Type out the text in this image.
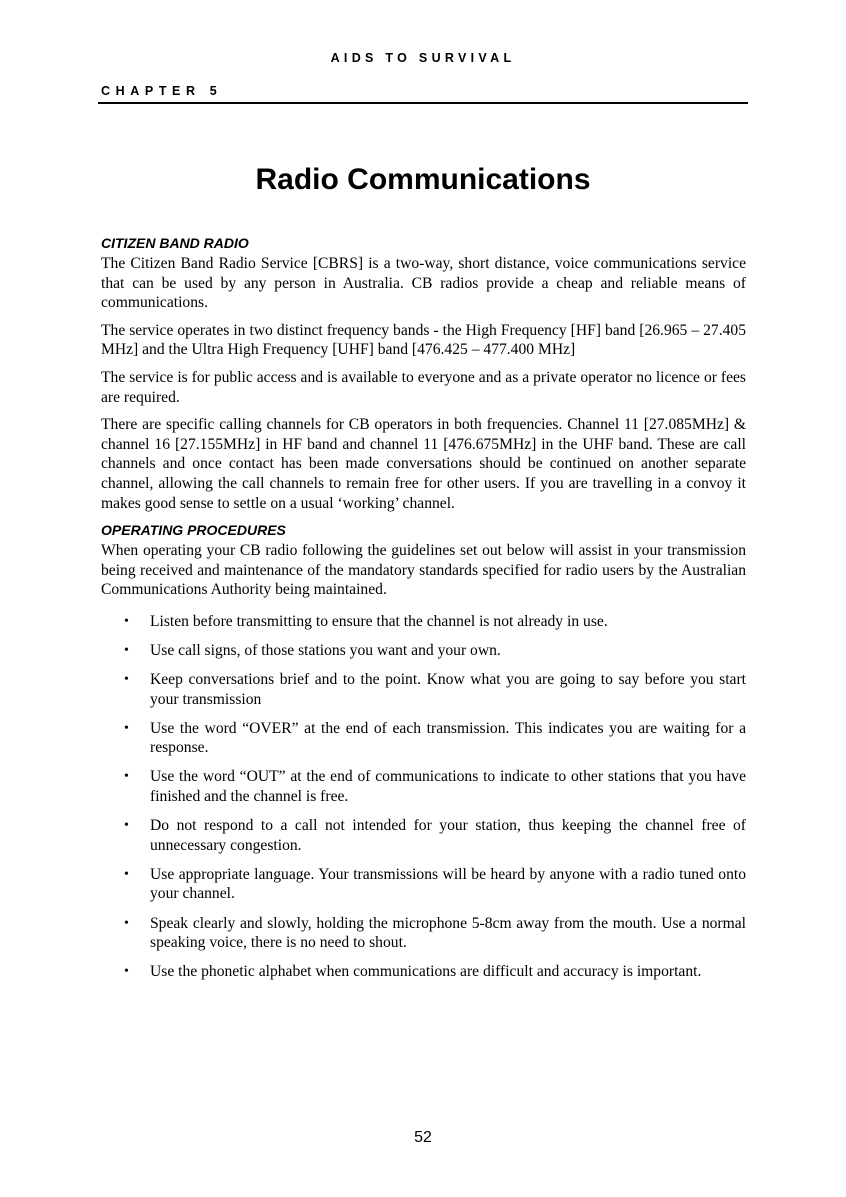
AIDS TO SURVIVAL

CHAPTER 5

Radio Communications
CITIZEN BAND RADIO

The Citizen Band Radio Service [CBRS] is a two-way, short distance, voice communications service that can be used by any person in Australia. CB radios provide a cheap and reliable means of communications.

The service operates in two distinct frequency bands - the High Frequency [HF] band [26.965 – 27.405 MHz] and the Ultra High Frequency [UHF] band [476.425 – 477.400 MHz]

The service is for public access and is available to everyone and as a private operator no licence or fees are required.

There are specific calling channels for CB operators in both frequencies. Channel 11 [27.085MHz] & channel 16 [27.155MHz] in HF band and channel 11 [476.675MHz] in the UHF band. These are call channels and once contact has been made conversations should be continued on another separate channel, allowing the call channels to remain free for other users. If you are travelling in a convoy it makes good sense to settle on a usual ‘working’ channel.

OPERATING PROCEDURES

When operating your CB radio following the guidelines set out below will assist in your transmission being received and maintenance of the mandatory standards specified for radio users by the Australian Communications Authority being maintained.

• Listen before transmitting to ensure that the channel is not already in use.
• Use call signs, of those stations you want and your own.
• Keep conversations brief and to the point. Know what you are going to say before you start your transmission
• Use the word “OVER” at the end of each transmission. This indicates you are waiting for a response.
• Use the word “OUT” at the end of communications to indicate to other stations that you have finished and the channel is free.
• Do not respond to a call not intended for your station, thus keeping the channel free of unnecessary congestion.
• Use appropriate language. Your transmissions will be heard by anyone with a radio tuned onto your channel.
• Speak clearly and slowly, holding the microphone 5-8cm away from the mouth. Use a normal speaking voice, there is no need to shout.
• Use the phonetic alphabet when communications are difficult and accuracy is important.

52
